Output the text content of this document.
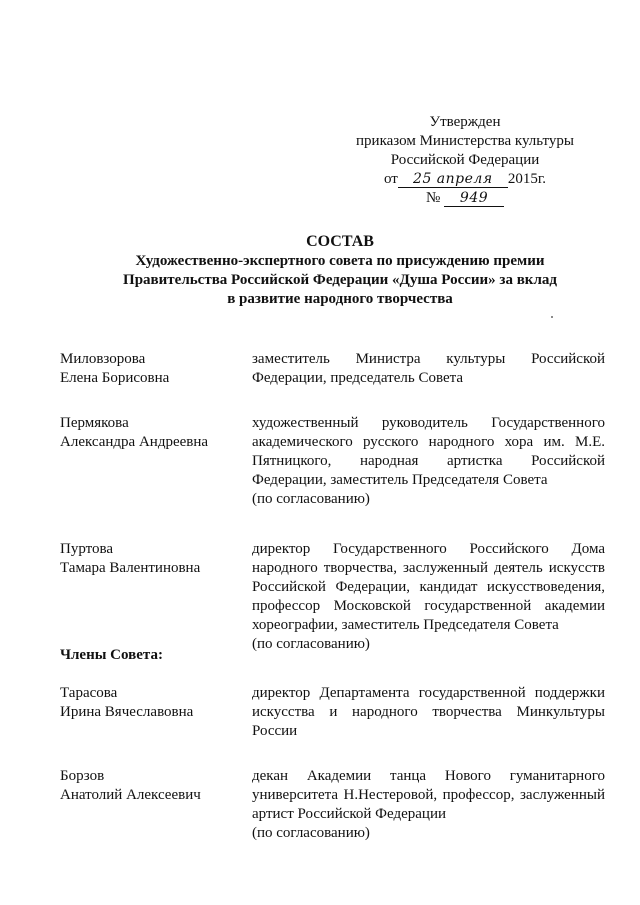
Утвержден
приказом Министерства культуры
Российской Федерации
от 25 апреля 2015г.
№ 949
СОСТАВ
Художественно-экспертного совета по присуждению премии
Правительства Российской Федерации «Душа России» за вклад
в развитие народного творчества
Миловзорова
Елена Борисовна
заместитель Министра культуры Российской Федерации, председатель Совета
Пермякова
Александра Андреевна
художественный руководитель Государственного академического русского народного хора им. М.Е. Пятницкого, народная артистка Российской Федерации, заместитель Председателя Совета
(по согласованию)
Пуртова
Тамара Валентиновна
директор Государственного Российского Дома народного творчества, заслуженный деятель искусств Российской Федерации, кандидат искусствоведения, профессор Московской государственной академии хореографии, заместитель Председателя Совета
(по согласованию)
Члены Совета:
Тарасова
Ирина Вячеславовна
директор Департамента государственной поддержки искусства и народного творчества Минкультуры России
Борзов
Анатолий Алексеевич
декан Академии танца Нового гуманитарного университета Н.Нестеровой, профессор, заслуженный артист Российской Федерации
(по согласованию)
